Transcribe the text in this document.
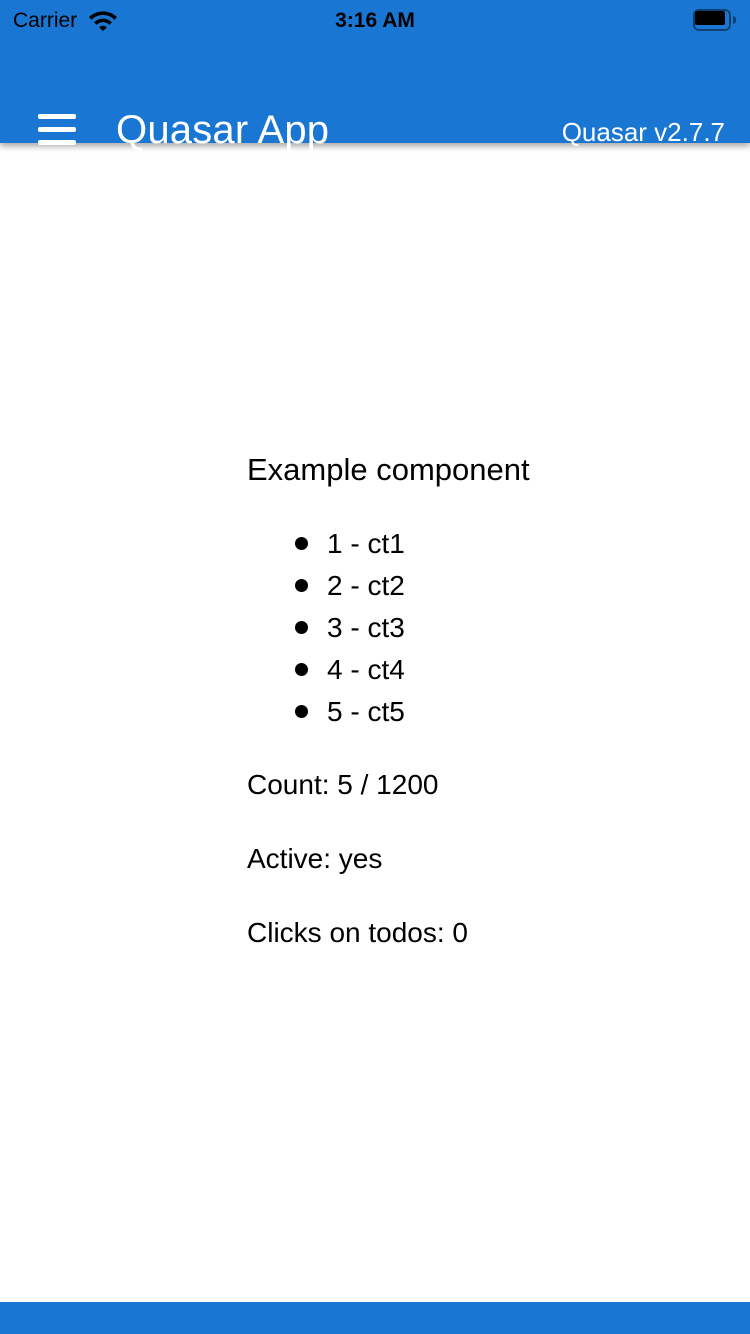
Carrier	3:16 AM
Quasar App	Quasar v2.7.7
Example component
1 - ct1
2 - ct2
3 - ct3
4 - ct4
5 - ct5
Count: 5 / 1200
Active: yes
Clicks on todos: 0
